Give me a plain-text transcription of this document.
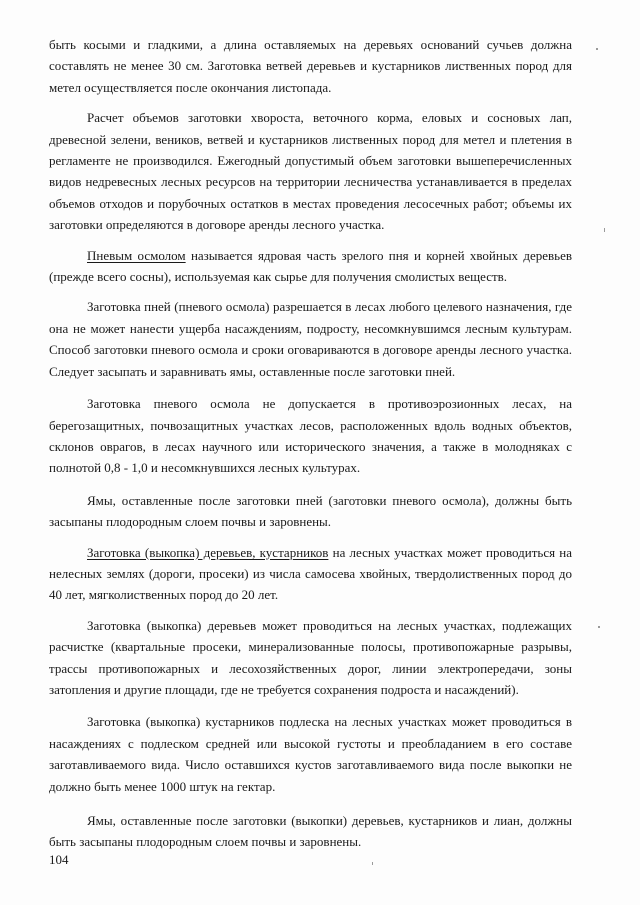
быть косыми и гладкими, а длина оставляемых на деревьях оснований сучьев должна составлять не менее 30 см. Заготовка ветвей деревьев и кустарников лиственных пород для метел осуществляется после окончания листопада.

Расчет объемов заготовки хвороста, веточного корма, еловых и сосновых лап, древесной зелени, веников, ветвей и кустарников лиственных пород для метел и плетения в регламенте не производился. Ежегодный допустимый объем заготовки вышеперечисленных видов недревесных лесных ресурсов на территории лесничества устанавливается в пределах объемов отходов и порубочных остатков в местах проведения лесосечных работ; объемы их заготовки определяются в договоре аренды лесного участка.

Пневым осмолом называется ядровая часть зрелого пня и корней хвойных деревьев (прежде всего сосны), используемая как сырье для получения смолистых веществ.

Заготовка пней (пневого осмола) разрешается в лесах любого целевого назначения, где она не может нанести ущерба насаждениям, подросту, несомкнувшимся лесным культурам. Способ заготовки пневого осмола и сроки оговариваются в договоре аренды лесного участка. Следует засыпать и заравнивать ямы, оставленные после заготовки пней.

Заготовка пневого осмола не допускается в противоэрозионных лесах, на берегозащитных, почвозащитных участках лесов, расположенных вдоль водных объектов, склонов оврагов, в лесах научного или исторического значения, а также в молодняках с полнотой 0,8 - 1,0 и несомкнувшихся лесных культурах.

Ямы, оставленные после заготовки пней (заготовки пневого осмола), должны быть засыпаны плодородным слоем почвы и заровнены.

Заготовка (выкопка) деревьев, кустарников на лесных участках может проводиться на нелесных землях (дороги, просеки) из числа самосева хвойных, твердолиственных пород до 40 лет, мягколиственных пород до 20 лет.

Заготовка (выкопка) деревьев может проводиться на лесных участках, подлежащих расчистке (квартальные просеки, минерализованные полосы, противопожарные разрывы, трассы противопожарных и лесохозяйственных дорог, линии электропередачи, зоны затопления и другие площади, где не требуется сохранения подроста и насаждений).

Заготовка (выкопка) кустарников подлеска на лесных участках может проводиться в насаждениях с подлеском средней или высокой густоты и преобладанием в его составе заготавливаемого вида. Число оставшихся кустов заготавливаемого вида после выкопки не должно быть менее 1000 штук на гектар.

Ямы, оставленные после заготовки (выкопки) деревьев, кустарников и лиан, должны быть засыпаны плодородным слоем почвы и заровнены.

104
